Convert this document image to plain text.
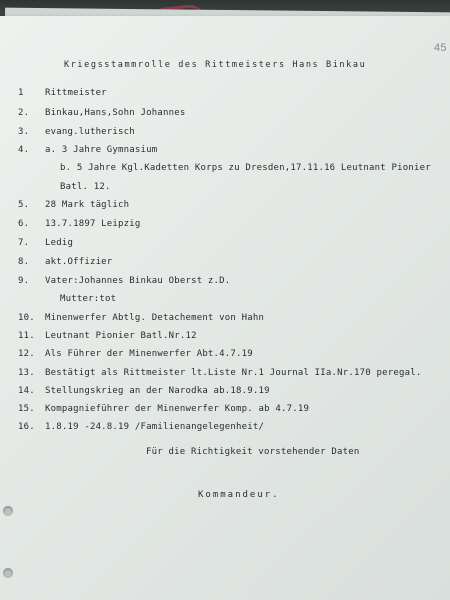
45
Kriegsstammrolle des Rittmeisters Hans Binkau
1 Rittmeister
2. Binkau,Hans,Sohn Johannes
3. evang.lutherisch
4. a. 3 Jahre Gymnasium
b. 5 Jahre Kgl.Kadetten Korps zu Dresden,17.11.16 Leutnant Pionier
Batl. 12.
5. 28 Mark täglich
6. 13.7.1897 Leipzig
7. Ledig
8. akt.Offizier
9. Vater:Johannes Binkau Oberst z.D.
Mutter:tot
10. Minenwerfer Abtlg. Detachement von Hahn
11. Leutnant Pionier Batl.Nr.12
12. Als Führer der Minenwerfer Abt.4.7.19
13. Bestätigt als Rittmeister lt.Liste Nr.1 Journal IIa.Nr.170 peregal.
14. Stellungskrieg an der Narodka ab.18.9.19
15. Kompagnieführer der Minenwerfer Komp. ab 4.7.19
16. 1.8.19 -24.8.19 /Familienangelegenheit/
Für die Richtigkeit vorstehender Daten
Kommandeur.
